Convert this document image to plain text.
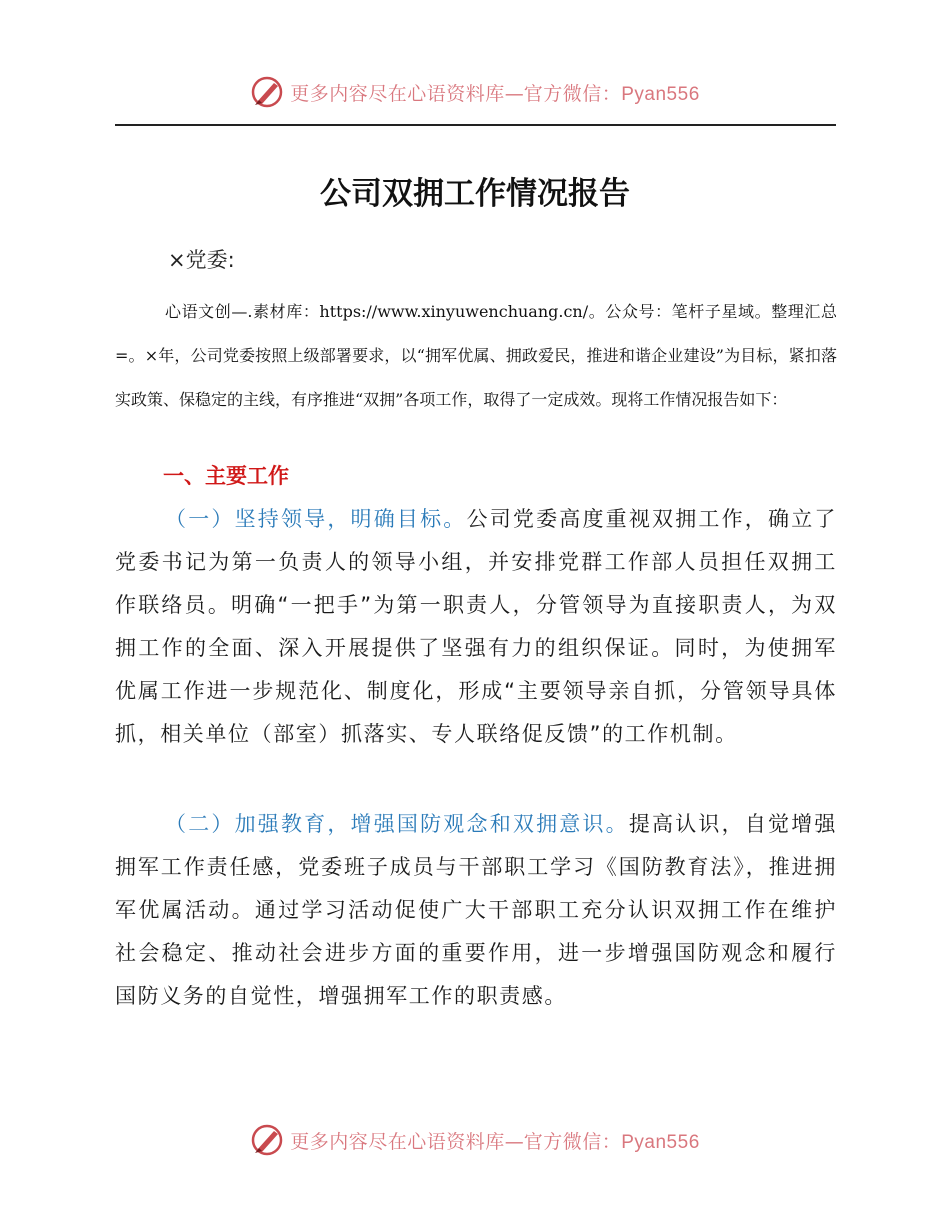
更多内容尽在心语资料库— 官方微信：Pyan556
公司双拥工作情况报告
×党委:

心语文创—.素材库：https://www.xinyuwenchuang.cn/。公众号：笔杆子星域。整理汇总=。×年，公司党委按照上级部署要求，以“拥军优属、拥政爱民，推进和谐企业建设”为目标，紧扣落实政策、保稳定的主线，有序推进“双拥”各项工作，取得了一定成效。现将工作情况报告如下：

一、主要工作

（一）坚持领导，明确目标。公司党委高度重视双拥工作，确立了党委书记为第一负责人的领导小组，并安排党群工作部人员担任双拥工作联络员。明确“一把手”为第一职责人，分管领导为直接职责人，为双拥工作的全面、深入开展提供了坚强有力的组织保证。同时，为使拥军优属工作进一步规范化、制度化，形成“主要领导亲自抓，分管领导具体抓，相关单位（部室）抓落实、专人联络促反馈”的工作机制。

（二）加强教育，增强国防观念和双拥意识。提高认识，自觉增强拥军工作责任感，党委班子成员与干部职工学习《国防教育法》，推进拥军优属活动。通过学习活动促使广大干部职工充分认识双拥工作在维护社会稳定、推动社会进步方面的重要作用，进一步增强国防观念和履行国防义务的自觉性，增强拥军工作的职责感。

更多内容尽在心语资料库— 官方微信：Pyan556
